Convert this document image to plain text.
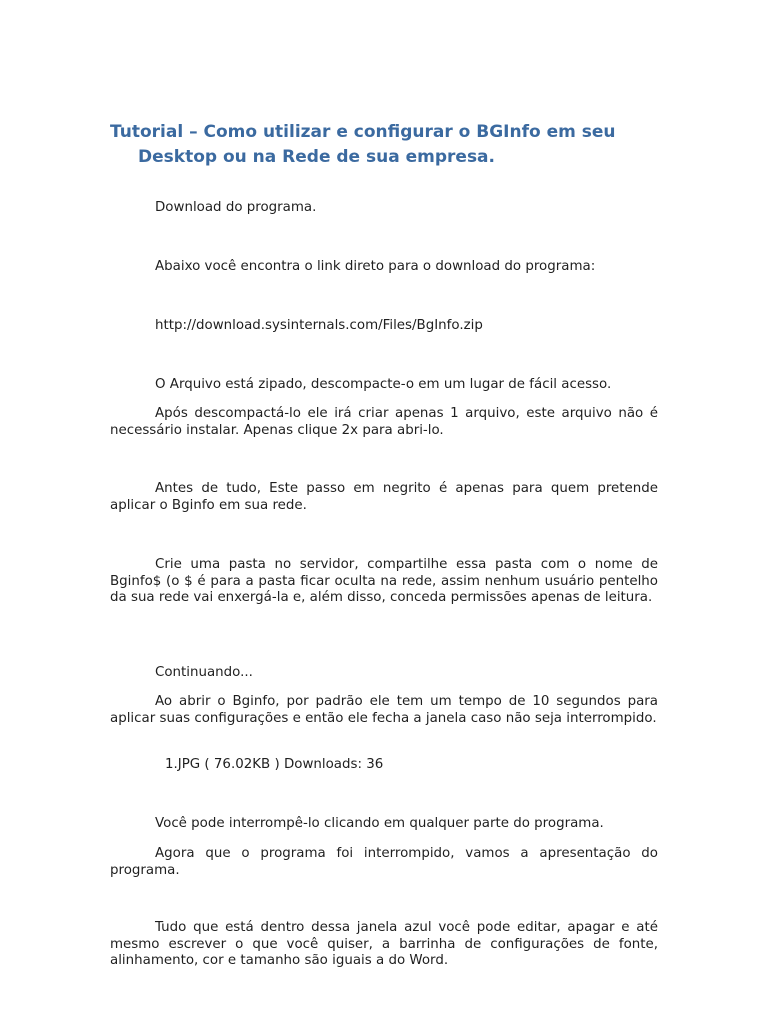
Tutorial – Como utilizar e configurar o BGInfo em seu
Desktop ou na Rede de sua empresa.

Download do programa.

Abaixo você encontra o link direto para o download do programa:

http://download.sysinternals.com/Files/BgInfo.zip

O Arquivo está zipado, descompacte-o em um lugar de fácil acesso.

Após descompactá-lo ele irá criar apenas 1 arquivo, este arquivo não é necessário instalar. Apenas clique 2x para abri-lo.

Antes de tudo, Este passo em negrito é apenas para quem pretende aplicar o Bginfo em sua rede.

Crie uma pasta no servidor, compartilhe essa pasta com o nome de Bginfo$ (o $ é para a pasta ficar oculta na rede, assim nenhum usuário pentelho da sua rede vai enxergá-la e, além disso, conceda permissões apenas de leitura.

Continuando...

Ao abrir o Bginfo, por padrão ele tem um tempo de 10 segundos para aplicar suas configurações e então ele fecha a janela caso não seja interrompido.

1.JPG ( 76.02KB ) Downloads: 36

Você pode interrompê-lo clicando em qualquer parte do programa.

Agora que o programa foi interrompido, vamos a apresentação do programa.

Tudo que está dentro dessa janela azul você pode editar, apagar e até mesmo escrever o que você quiser, a barrinha de configurações de fonte, alinhamento, cor e tamanho são iguais a do Word.
